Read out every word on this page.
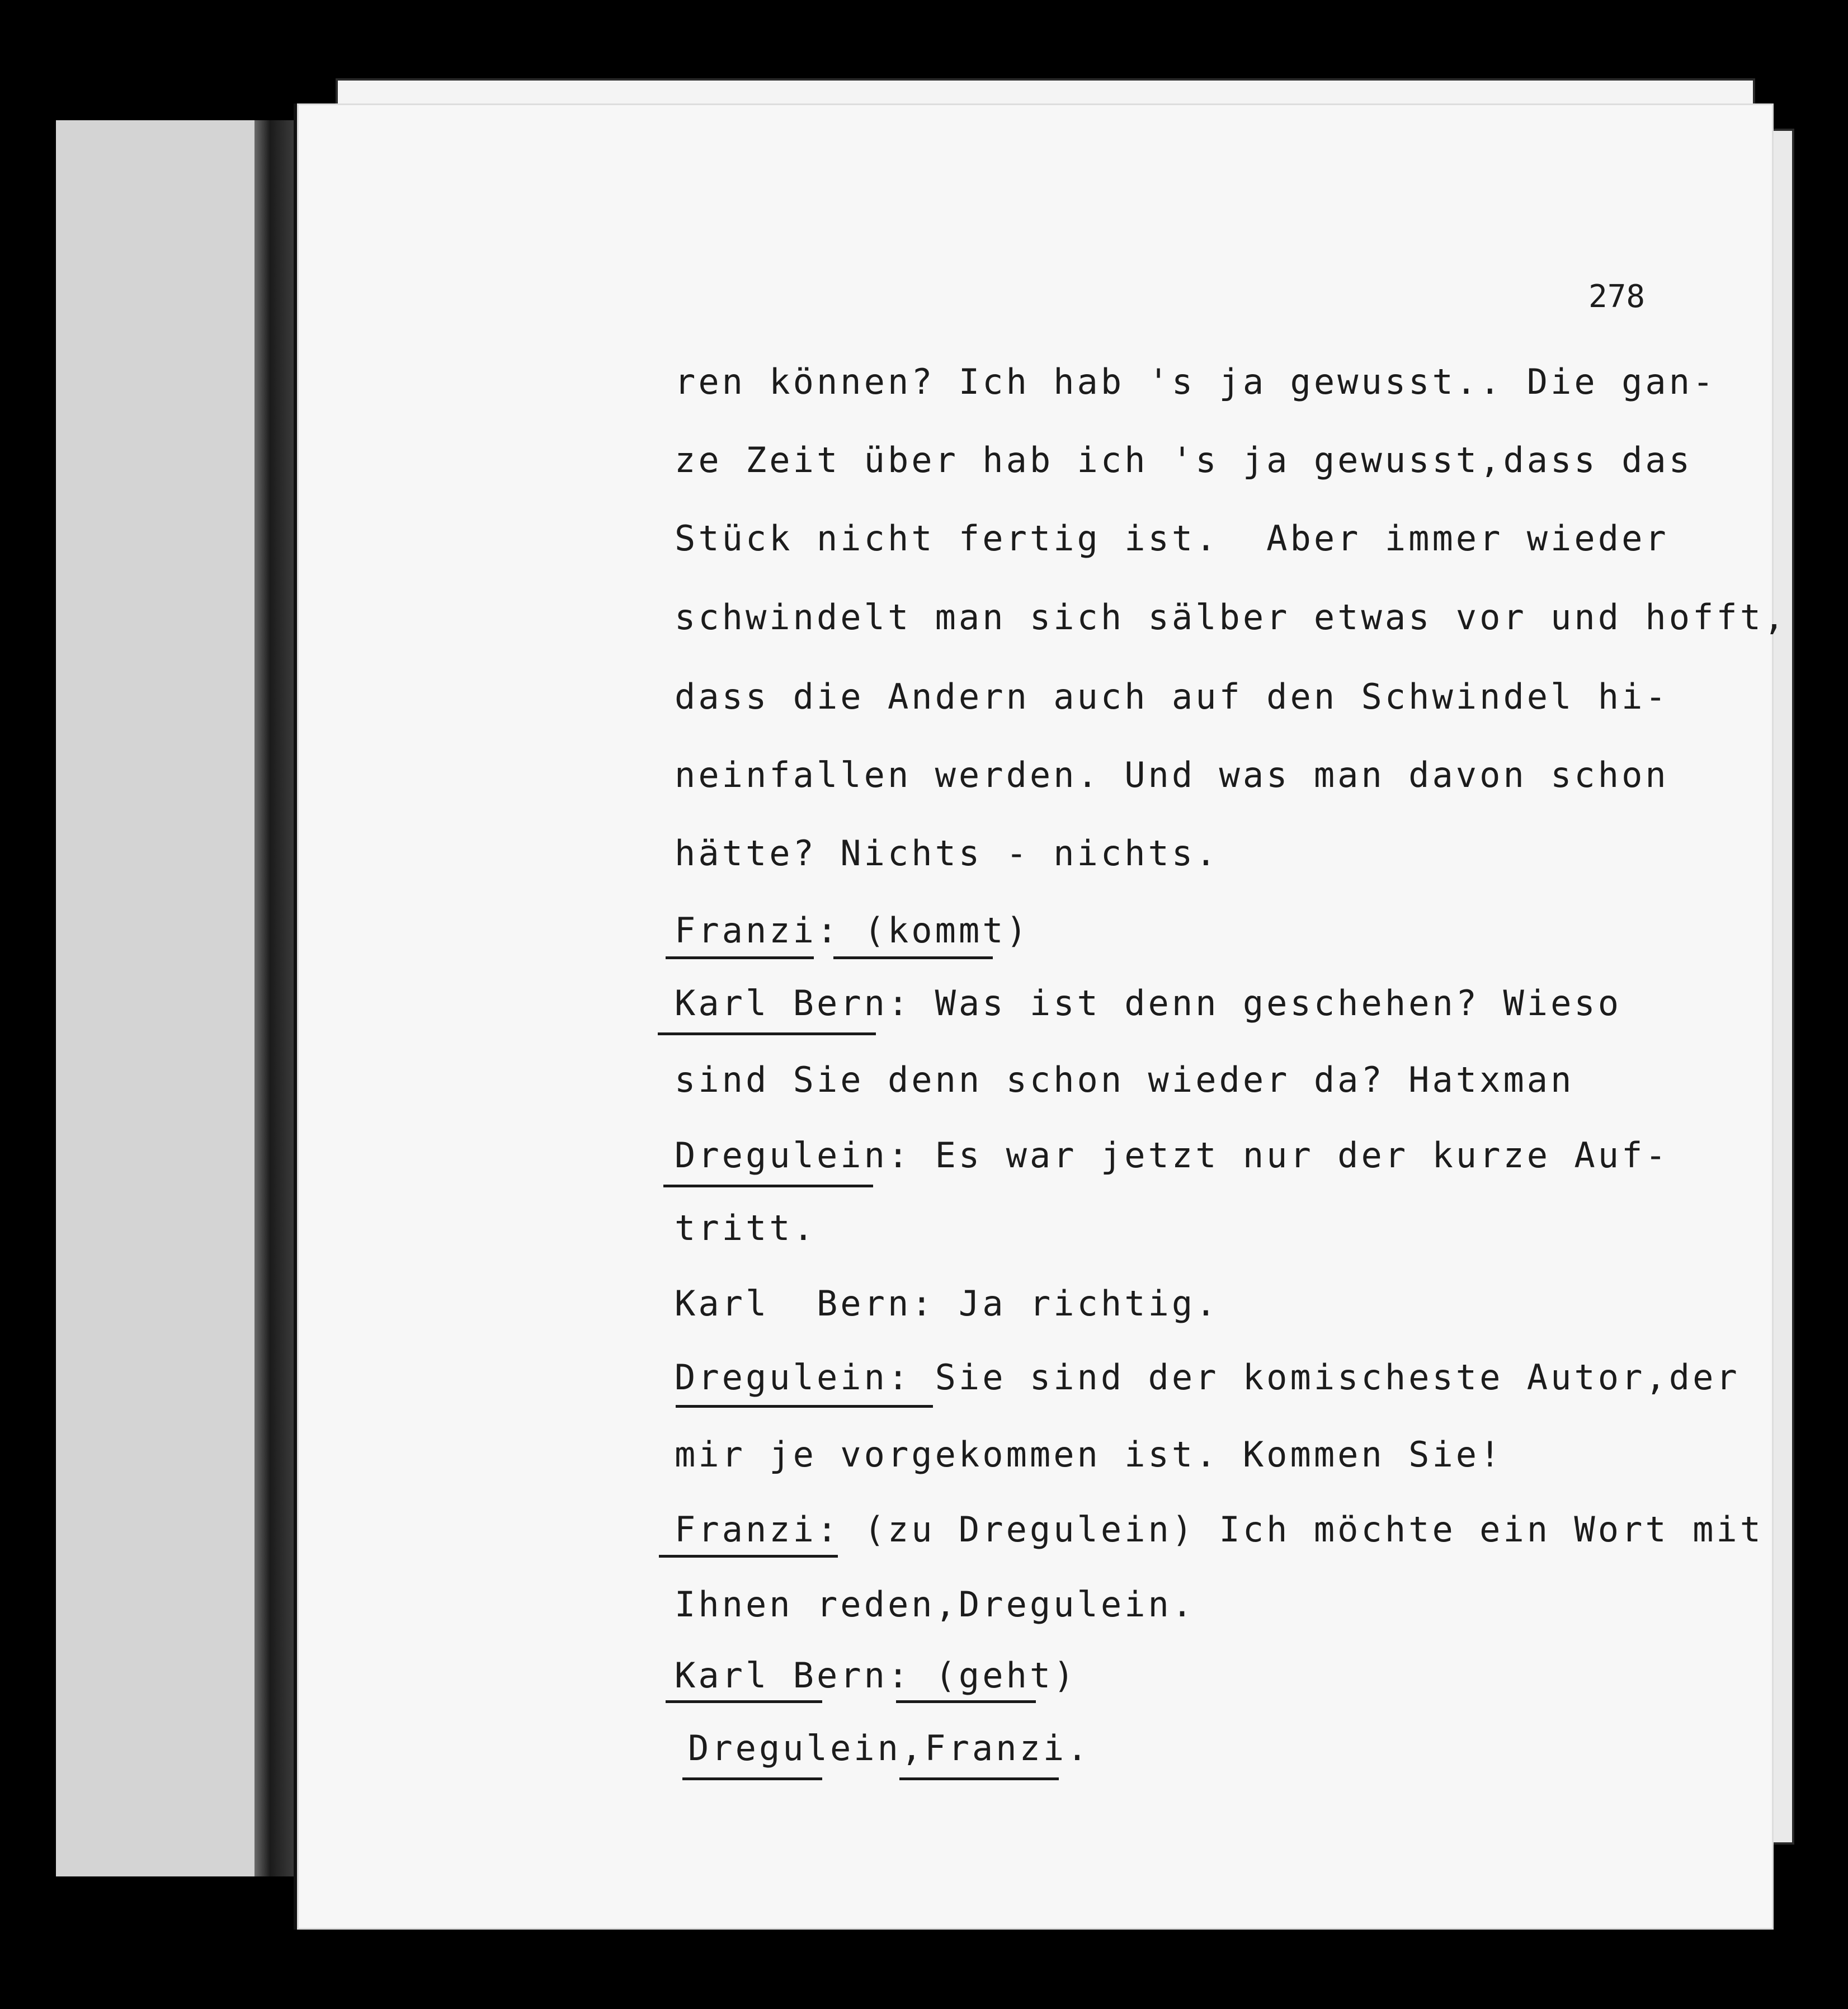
278
ren können? Ich hab 's ja gewusst.. Die gan-
ze Zeit über hab ich 's ja gewusst,dass das
Stück nicht fertig ist.  Aber immer wieder
schwindelt man sich sälber etwas vor und hofft,
dass die Andern auch auf den Schwindel hi-
neinfallen werden. Und was man davon schon
hätte? Nichts - nichts.
Franzi: (kommt)
Karl Bern: Was ist denn geschehen? Wieso
sind Sie denn schon wieder da? Hatxman
Dregulein: Es war jetzt nur der kurze Auf-
tritt.
Karl  Bern: Ja richtig.
Dregulein: Sie sind der komischeste Autor,der
mir je vorgekommen ist. Kommen Sie!
Franzi: (zu Dregulein) Ich möchte ein Wort mit
Ihnen reden,Dregulein.
Karl Bern: (geht)
Dregulein,Franzi.
